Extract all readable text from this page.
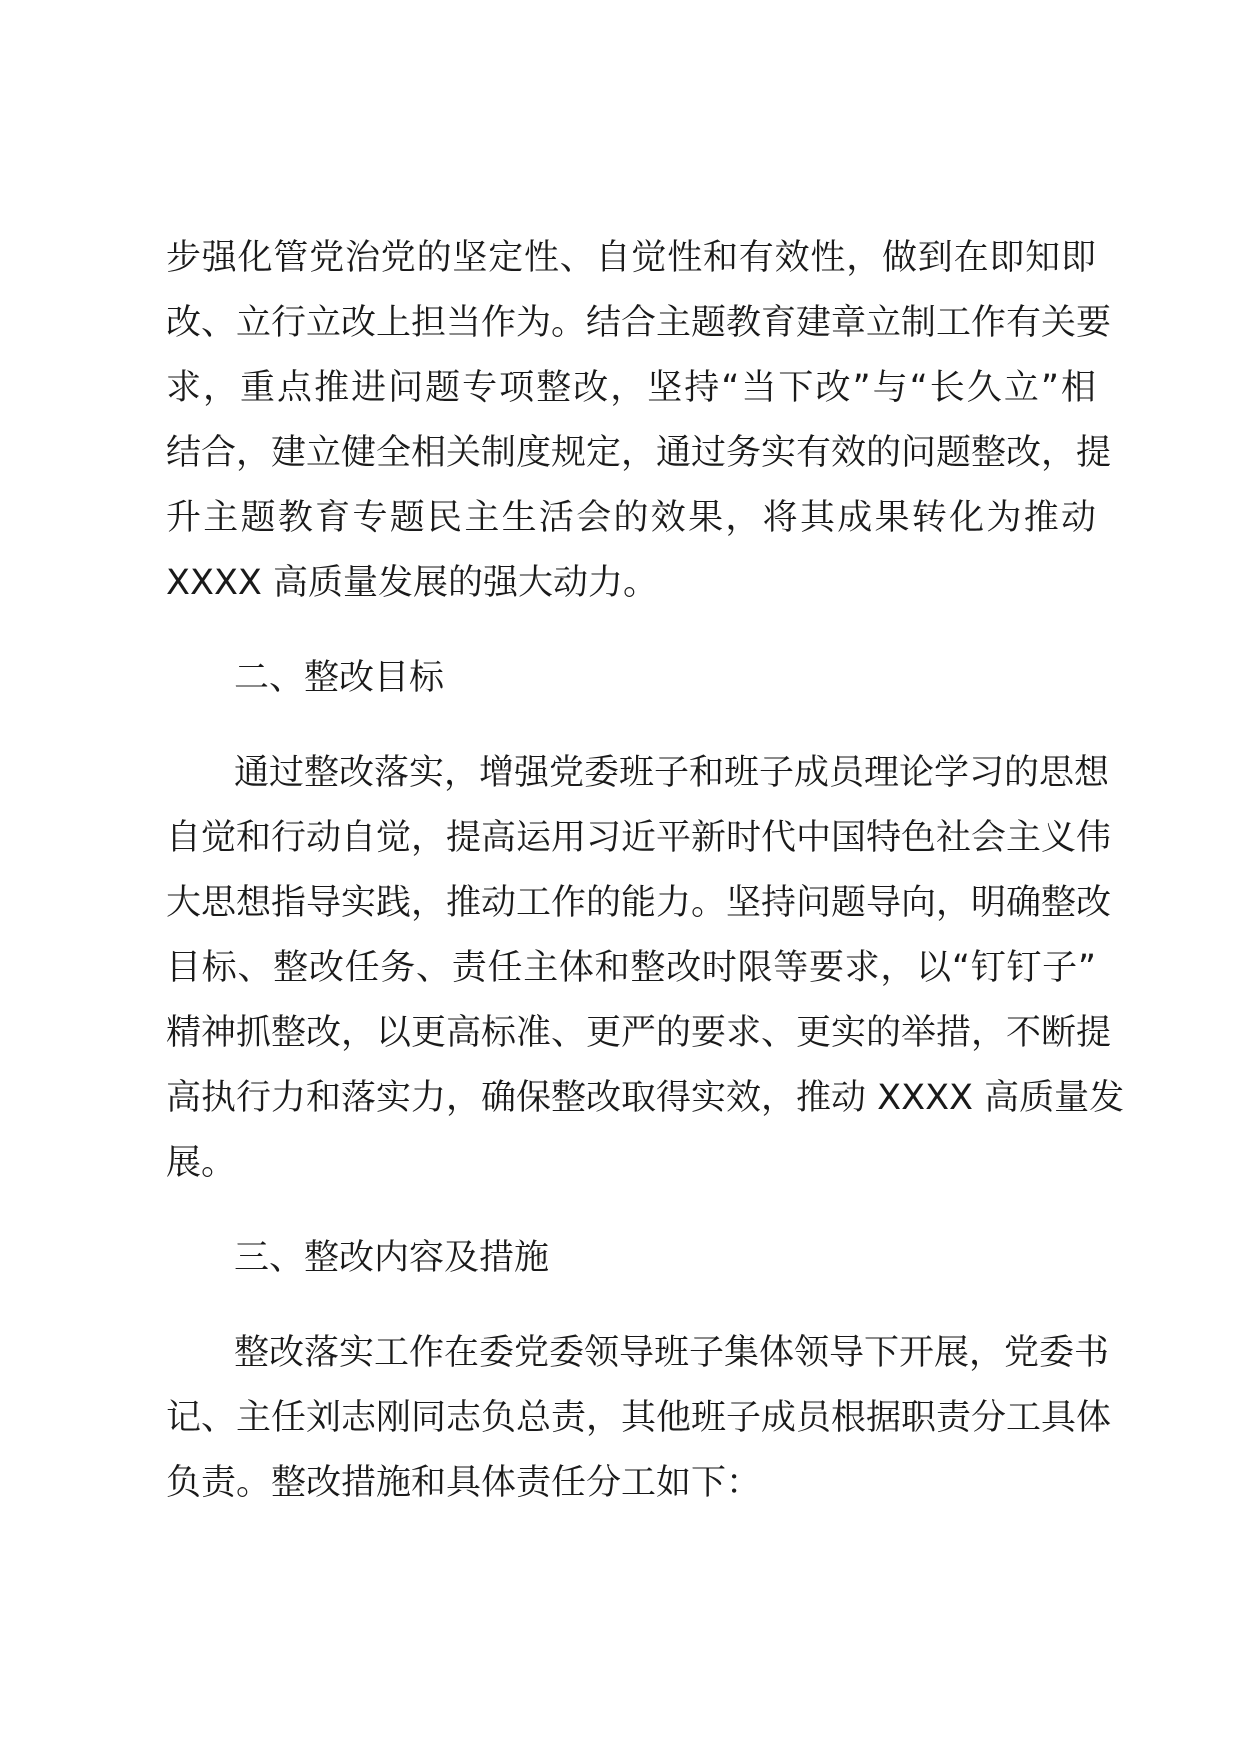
步强化管党治党的坚定性、自觉性和有效性，做到在即知即
改、立行立改上担当作为。结合主题教育建章立制工作有关要
求，重点推进问题专项整改，坚持“当下改”与“长久立”相
结合，建立健全相关制度规定，通过务实有效的问题整改，提
升主题教育专题民主生活会的效果，将其成果转化为推动
XXXX 高质量发展的强大动力。
二、整改目标
通过整改落实，增强党委班子和班子成员理论学习的思想
自觉和行动自觉，提高运用习近平新时代中国特色社会主义伟
大思想指导实践，推动工作的能力。坚持问题导向，明确整改
目标、整改任务、责任主体和整改时限等要求，以“钉钉子”
精神抓整改，以更高标准、更严的要求、更实的举措，不断提
高执行力和落实力，确保整改取得实效，推动 XXXX 高质量发
展。
三、整改内容及措施
整改落实工作在委党委领导班子集体领导下开展，党委书
记、主任刘志刚同志负总责，其他班子成员根据职责分工具体
负责。整改措施和具体责任分工如下：
